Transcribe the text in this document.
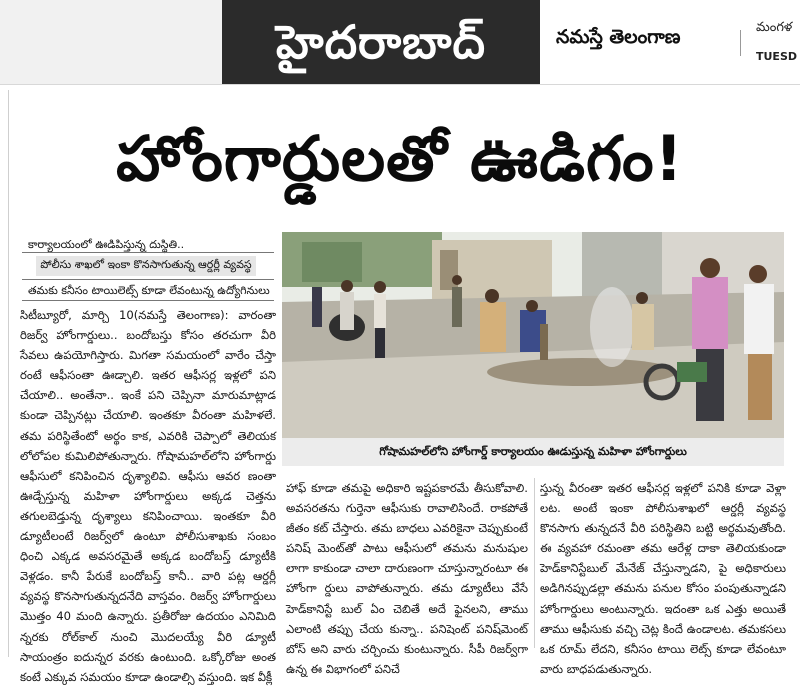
హైదరాబాద్	నమస్తే తెలంగాణ	మంగళ
TUESD
హోంగార్డులతో ఊడిగం!
కార్యాలయంలో ఊడిపిస్తున్న దుస్థితి..
పోలీసు శాఖలో ఇంకా కొనసాగుతున్న ఆర్డర్లీ వ్యవస్థ
తమకు కనీసం టాయిలెట్స్‌ కూడా లేవంటున్న ఉద్యోగినులు

సిటీబ్యూరో, మార్చి 10(నమస్తే తెలంగాణ): వారంతా రిజర్వ్‌ హోంగార్డులు.. బందోబస్తు కోసం తరచుగా వీరి సేవలు ఉపయోగిస్తారు. మిగతా సమయంలో వారేం చేస్తా రంటే ఆఫీసంతా ఊడ్చాలి. ఇతర ఆఫీసర్ల ఇళ్లలో పని చేయాలి.. అంతేనా.. ఇంకే పని చెప్పినా మారుమాట్లాడ కుండా చెప్పినట్లు చేయాలి. ఇంతకూ వీరంతా మహిళలే. తమ పరిస్థితేంటో అర్థం కాక, ఎవరికి చెప్పాలో తెలియక లోలోపల కుమిలిపోతున్నారు. గోషామహల్‌లోని హోంగార్డు ఆఫీసులో కనిపించిన దృశ్యాలివి. ఆఫీసు ఆవర ణంతా ఊడ్చేస్తున్న మహిళా హోంగార్డులు అక్కడ చెత్తను తగులబెడ్తున్న దృశ్యాలు కనిపించాయి. ఇంతకూ వీరి డ్యూటీలంటే రిజర్వ్‌లో ఉంటూ పోలీసుశాఖకు సంబం ధించి ఎక్కడ అవసరమైతే అక్కడ బందోబస్త్‌ డ్యూటీకి వెళ్లడం. కానీ పేరుకే బందోబస్త్‌ కానీ.. వారి పట్ల ఆర్డర్లీ వ్యవస్థ కొనసాగుతున్నదనేది వాస్తవం. రిజర్వ్‌ హోంగార్డులు మొత్తం 40 మంది ఉన్నారు. ప్రతీరోజు ఉదయం ఎనిమిది న్నరకు రోల్‌కాల్‌ నుంచి మొదలయ్యే వీరి డ్యూటీ సాయంత్రం ఐదున్నర వరకు ఉంటుంది. ఒక్కోరోజు అంత కంటే ఎక్కువ సమయం కూడా ఉండాల్సి వస్తుంది. ఇక వీక్లీ

గోషామహల్‌లోని హోంగార్డ్‌ కార్యాలయం ఊడుస్తున్న మహిళా హోంగార్డులు

హాఫ్‌ కూడా తమపై అధికారి ఇష్టపకారమే తీసుకోవాలి. అవసరతను గుర్తెనా ఆఫీసుకు రావాలిసిందే. రాకపోతే జీతం కట్‌ చేస్తారు. తమ బాధలు ఎవరికైనా చెప్పుకుంటే పనిష్ మెంట్‌తో పాటు ఆఫీసులో తమను మనుషుల లాగా కాకుండా చాలా దారుణంగా చూస్తున్నారంటూ ఈ హోంగా ర్డులు వాపోతున్నారు. తమ డ్యూటీలు వేసే హెడ్‌కానిస్టే బుల్‌ ఏం చెబితే అదే ఫైనలని, తాము ఎలాంటి తప్పు చేయ కున్నా.. పనిషెంట్‌ పనిష్‌మెంట్‌ బోస్‌ అని వారు చర్చించు కుంటున్నారు. సీపీ రిజర్వ్‌గా ఉన్న ఈ విభాగంలో పనిచే

స్తున్న వీరంతా ఇతర ఆఫీసర్ల ఇళ్లలో పనికి కూడా వెళ్లా లట. అంటే ఇంకా పోలీసుశాఖలో ఆర్డర్లీ వ్యవస్థ కొనసాగు తున్నదనే వీరి పరిస్థితిని బట్టి అర్థమవుతోంది. ఈ వ్యవహా రమంతా తమ ఆరేళ్ల దాకా తెలియకుండా హెడ్‌కానిస్టేబుల్‌ మేనేజ్‌ చేస్తున్నాడని, పై అధికారులు అడిగినప్పుడల్లా తమను పనుల కోసం పంపుతున్నాడని హోంగార్డులు అంటున్నారు. ఇదంతా ఒక ఎత్తు అయితే తాము ఆఫీసుకు వచ్చి చెట్ల కిందే ఉండాలట. తమకసలు ఒక రూమ్‌ లేదని, కనీసం టాయి లెట్స్‌ కూడా లేవంటూ వారు బాధపడుతున్నారు.
